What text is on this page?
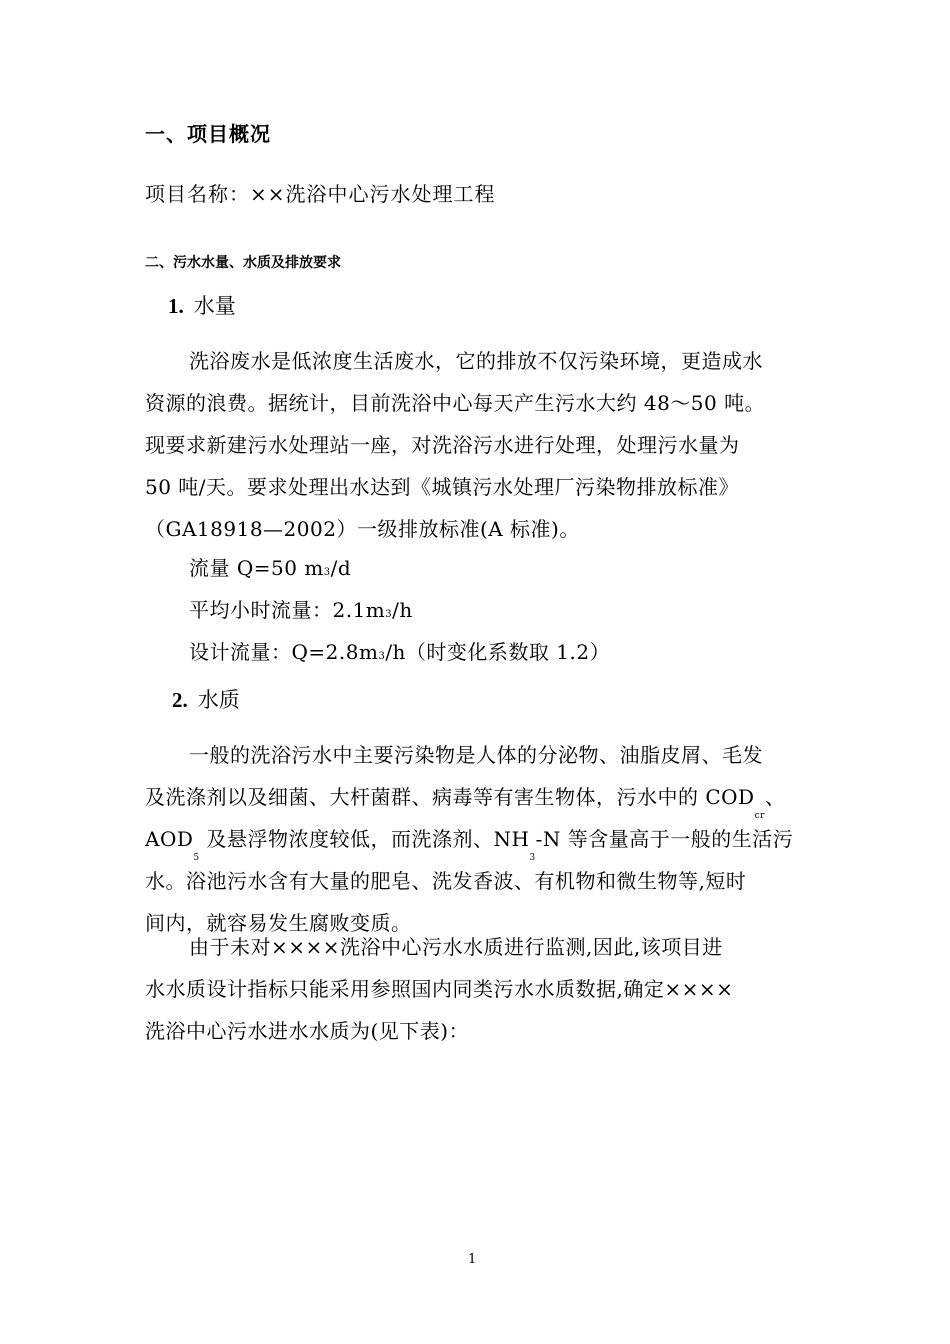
一、项目概况
项目名称：××洗浴中心污水处理工程
二、污水水量、水质及排放要求
1. 水量
洗浴废水是低浓度生活废水，它的排放不仅污染环境，更造成水
资源的浪费。据统计，目前洗浴中心每天产生污水大约 48～50 吨。
现要求新建污水处理站一座，对洗浴污水进行处理，处理污水量为
50 吨/天。要求处理出水达到《城镇污水处理厂污染物排放标准》
（GA18918—2002）一级排放标准(A 标准)。
流量 Q=50 m3/d
平均小时流量：2.1m3/h
设计流量：Q=2.8m3/h（时变化系数取 1.2）
2. 水质
一般的洗浴污水中主要污染物是人体的分泌物、油脂皮屑、毛发
及洗涤剂以及细菌、大杆菌群、病毒等有害生物体，污水中的 $COD_{cr}$、
$AOD_5$ 及悬浮物浓度较低，而洗涤剂、$NH_3-N$ 等含量高于一般的生活污
水。浴池污水含有大量的肥皂、洗发香波、有机物和微生物等,短时
间内，就容易发生腐败变质。
由于未对××××洗浴中心污水水质进行监测,因此,该项目进
水水质设计指标只能采用参照国内同类污水水质数据,确定××××
洗浴中心污水进水水质为(见下表)：
1
